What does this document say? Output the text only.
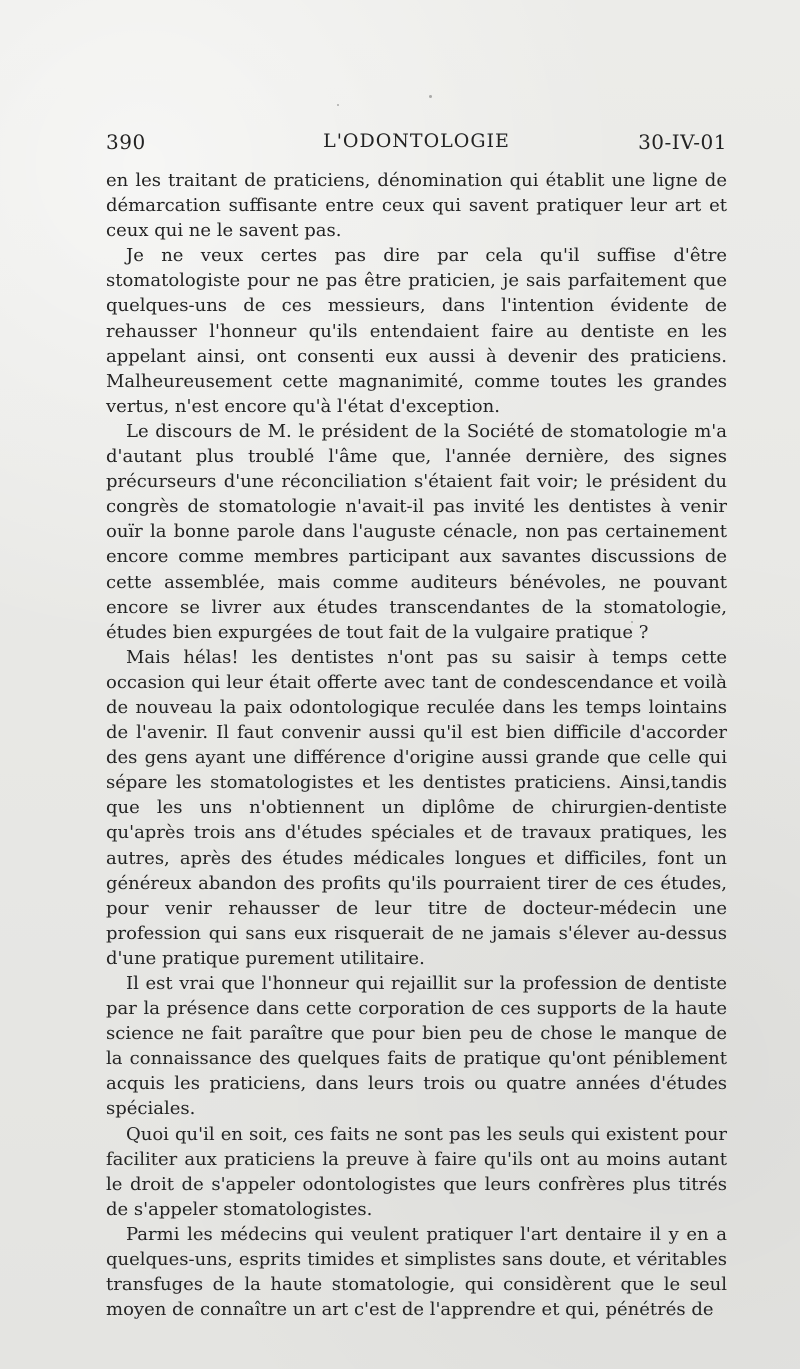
390	L'ODONTOLOGIE	30-IV-01

en les traitant de praticiens, dénomination qui établit une ligne de démarcation suffisante entre ceux qui savent pratiquer leur art et ceux qui ne le savent pas.

Je ne veux certes pas dire par cela qu'il suffise d'être stomatologiste pour ne pas être praticien, je sais parfaitement que quelques-uns de ces messieurs, dans l'intention évidente de rehausser l'honneur qu'ils entendaient faire au dentiste en les appelant ainsi, ont consenti eux aussi à devenir des praticiens. Malheureusement cette magnanimité, comme toutes les grandes vertus, n'est encore qu'à l'état d'exception.

Le discours de M. le président de la Société de stomatologie m'a d'autant plus troublé l'âme que, l'année dernière, des signes précurseurs d'une réconciliation s'étaient fait voir; le président du congrès de stomatologie n'avait-il pas invité les dentistes à venir ouïr la bonne parole dans l'auguste cénacle, non pas certainement encore comme membres participant aux savantes discussions de cette assemblée, mais comme auditeurs bénévoles, ne pouvant encore se livrer aux études transcendantes de la stomatologie, études bien expurgées de tout fait de la vulgaire pratique ?

Mais hélas! les dentistes n'ont pas su saisir à temps cette occasion qui leur était offerte avec tant de condescendance et voilà de nouveau la paix odontologique reculée dans les temps lointains de l'avenir. Il faut convenir aussi qu'il est bien difficile d'accorder des gens ayant une différence d'origine aussi grande que celle qui sépare les stomatologistes et les dentistes praticiens. Ainsi,tandis que les uns n'obtiennent un diplôme de chirurgien-dentiste qu'après trois ans d'études spéciales et de travaux pratiques, les autres, après des études médicales longues et difficiles, font un généreux abandon des profits qu'ils pourraient tirer de ces études, pour venir rehausser de leur titre de docteur-médecin une profession qui sans eux risquerait de ne jamais s'élever au-dessus d'une pratique purement utilitaire.

Il est vrai que l'honneur qui rejaillit sur la profession de dentiste par la présence dans cette corporation de ces supports de la haute science ne fait paraître que pour bien peu de chose le manque de la connaissance des quelques faits de pratique qu'ont péniblement acquis les praticiens, dans leurs trois ou quatre années d'études spéciales.

Quoi qu'il en soit, ces faits ne sont pas les seuls qui existent pour faciliter aux praticiens la preuve à faire qu'ils ont au moins autant le droit de s'appeler odontologistes que leurs confrères plus titrés de s'appeler stomatologistes.

Parmi les médecins qui veulent pratiquer l'art dentaire il y en a quelques-uns, esprits timides et simplistes sans doute, et véritables transfuges de la haute stomatologie, qui considèrent que le seul moyen de connaître un art c'est de l'apprendre et qui, pénétrés de
